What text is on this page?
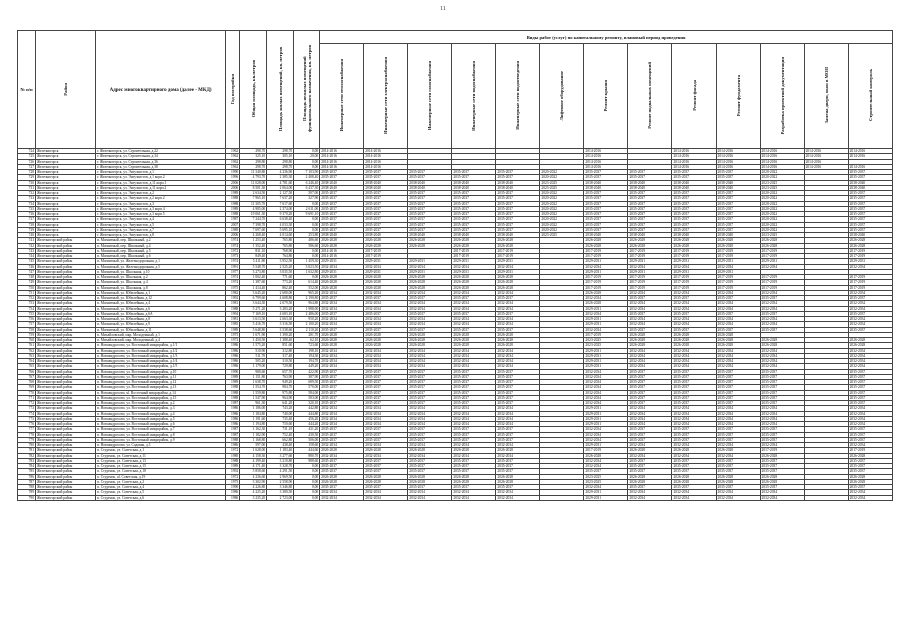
11
№ п/п	Район	Адрес многоквартирного дома (далее - МКД)	Год постройки	Общая площадь, кв.метров	Площадь жилых помещений, кв. метров	Площадь нежилых помещений функционального назначения, кв. метров	Виды работ (услуг) по капитальному ремонту, плановый период проведения												
							Инженерные сети теплоснабжения	Инженерные сети электроснабжения	Инженерные сети газоснабжения	Инженерные сети водоснабжения	Инженерные сети водоотведения	Лифтовое оборудование	Ремонт крыши	Ремонт подвальных помещений	Ремонт фасада	Ремонт фундамента	Разработка проектной документации	Замена двери, окон в МОП	Строительный контроль
724	Железногорск	г. Железногорск, ул. Строительная, д.22	1962	298,70	298,70	0,00	2014-2016	2014-2016					2014-2016		2014-2016	2014-2016	2014-2016	2014-2016	2014-2016
725	Железногорск	г. Железногорск, ул. Строительная, д.34	1962	325,10	305,10	20,00	2014-2016	2014-2016					2014-2016		2014-2016	2014-2016	2014-2016	2014-2016	2014-2016
726	Железногорск	г. Железногорск, ул. Строительная, д.36	1962	298,80	298,80	0,00	2014-2016	2014-2016					2014-2016		2014-2016	2014-2016	2014-2016	2014-2016	
727	Железногорск	г. Железногорск, ул. Строительная, д.38	1962	298,70	298,70	0,00	2014-2016	2014-2016					2014-2016		2014-2016	2014-2016	2014-2016	2014-2016	2014-2016
728	Железногорск	г. Железногорск, ул. Энтузиастов, д.1	1990	11 340,80	4 236,90	7 103,90	2035-2037	2035-2037	2035-2037	2035-2037	2035-2037	2020-2022	2035-2037	2035-2037	2035-2037	2035-2037	2020-2022		2035-2037
729	Железногорск	г. Железногорск, ул. Энтузиастов, д.1 корп.2	1996	4 793,70	2 385,30	2 408,40	2035-2037	2035-2037	2035-2037	2035-2037	2035-2037	2020-2022	2035-2037	2035-2037	2035-2037	2035-2037	2020-2022		2035-2037
730	Железногорск	г. Железногорск, ул. Энтузиастов, д.11 корп.1	2006	11 028,00	4 781,60	6 246,40	2038-2040	2038-2040	2038-2040	2038-2040	2038-2040	2023-2025	2038-2040	2038-2040	2038-2040	2038-2040	2023-2025		2038-2040
731	Железногорск	г. Железногорск, ул. Энтузиастов, д.11 корп.2	2006	8 501,30	2 064,00	6 437,30	2038-2040	2038-2040	2038-2040	2038-2040	2038-2040	2023-2025	2038-2040	2038-2040	2038-2040	2038-2040	2023-2025		2038-2040
732	Железногорск	г. Железногорск, ул. Энтузиастов, д.2	1989	2 634,50	2 127,50	507,00	2035-2037	2035-2037	2035-2037	2035-2037	2035-2037	2020-2022	2035-2037	2035-2037	2035-2037	2035-2037	2020-2022		2035-2037
733	Железногорск	г. Железногорск, ул. Энтузиастов, д.2 корп.2	1988	7 965,10	7 637,20	327,90	2035-2037	2035-2037	2035-2037	2035-2037	2035-2037	2020-2022	2035-2037	2035-2037	2035-2037	2035-2037	2020-2022		2035-2037
734	Железногорск	г. Железногорск, ул. Энтузиастов, д.3	1988	11 305,70	7 617,60	0,00	2035-2037	2035-2037	2035-2037	2035-2037	2035-2037	2020-2022	2035-2037	2035-2037	2035-2037	2035-2037	2020-2022		2035-2037
735	Железногорск	г. Железногорск, ул. Энтузиастов, д.3 корп.4	1989	4 985,00	2 374,00	2 611,00	2035-2037	2035-2037	2035-2037	2035-2037	2035-2037	2020-2022	2035-2037	2035-2037	2035-2037	2035-2037	2020-2022		2035-2037
736	Железногорск	г. Железногорск, ул. Энтузиастов, д.3 корп.5	1988	19 061,30	9 370,20	9 691,10	2035-2037	2035-2037	2035-2037	2035-2037	2035-2037	2020-2022	2035-2037	2035-2037	2035-2037	2035-2037	2020-2022		2035-2037
737	Железногорск	г. Железногорск, ул. Энтузиастов, д.4	1987	7 244,70	6 638,40	0,00	2035-2037	2035-2037	2035-2037	2035-2037	2035-2037	2020-2022	2035-2037	2035-2037	2035-2037	2035-2037	2020-2022		2035-2037
738	Железногорск	г. Железногорск, ул. Энтузиастов, д.5	2007	7 398,70	4 033,30	0,00	2035-2037	2035-2037	2035-2037	2035-2037	2035-2037	2020-2022	2035-2037	2035-2037	2035-2037	2035-2037	2020-2022		2035-2037
739	Железногорск	г. Железногорск, ул. Энтузиастов, д.7	1989	7 697,60	5 695,10	0,00	2035-2037	2035-2037	2035-2037	2035-2037	2035-2037	2020-2022	2035-2037	2035-2037	2035-2037	2035-2037	2020-2022		2035-2037
740	Железногорск	г. Железногорск, ул. Энтузиастов, д.8	2006	4 268,40	4 014,60	253,80	2038-2040	2038-2040	2038-2040	2038-2040	2038-2040	2023-2025	2038-2040	2038-2040	2038-2040	2038-2040	2023-2025		2038-2040
741	Железногорский район	п. Магнитный, пер. Школьный, д.2	1974	1 253,40	765,80	486,60	2026-2028	2026-2028	2026-2028	2026-2028	2026-2028		2026-2028	2026-2028	2026-2028	2026-2028	2026-2028		2026-2028
742	Железногорский район	п. Магнитный, пер. Школьный, д.4	1974	1 352,40	765,80	586,60	2026-2028	2026-2028	2026-2028	2026-2028	2026-2028		2026-2028	2026-2028	2026-2028	2026-2028	2026-2028		2026-2028
743	Железногорский район	п. Магнитный, пер. Школьный, д.5	1972	831,10	768,90	0,00	2014-2016	2017-2019		2017-2019	2017-2019		2017-2019	2017-2019	2017-2019	2017-2019	2017-2019		2017-2019
744	Железногорский район	п. Магнитный, пер. Школьный, д.6	1973	849,40	764,80	0,00	2014-2016	2017-2019		2017-2019	2017-2019		2017-2019	2017-2019	2017-2019	2017-2019	2017-2019		2017-2019
745	Железногорский район	п. Магнитный, ул. Железнодорожная, д.1	1974	5 411,80	3 952,50	1 459,30	2029-2031	2029-2031	2029-2031	2029-2031	2029-2031		2029-2031	2029-2031	2029-2031	2029-2031	2029-2031		2029-2031
746	Железногорский район	п. Магнитный, ул. Железнодорожная, д.5	1991	5 548,70	2 525,20	3 023,50	2032-2034	2032-2034	2032-2034	2032-2034	2032-2034		2032-2034	2032-2034	2032-2034	2032-2034	2032-2034		2032-2034
747	Железногорский район	п. Магнитный, ул. Школьная, д.10	1977	3 273,80	3 035,50	1 632,80	2029-2031	2029-2031	2029-2031	2029-2031	2029-2031		2029-2031	2029-2031	2029-2031	2029-2031			
748	Железногорский район	п. Магнитный, ул. Школьная, д.2	1974	1 002,40	771,60	0,00	2026-2028	2026-2028	2026-2028	2026-2028	2026-2028		2017-2019	2017-2019	2017-2019	2017-2019	2017-2019		2017-2019
749	Железногорский район	п. Магнитный, ул. Школьная, д.4	1974	1 387,60	773,20	614,40	2026-2028	2026-2028	2026-2028	2026-2028	2026-2028		2017-2019	2017-2019	2017-2019	2017-2019	2017-2019		2017-2019
750	Железногорский район	п. Магнитный, ул. Школьная, д.8	1975	1 414,40	862,40	552,00	2026-2028	2026-2028	2026-2028	2026-2028	2026-2028		2017-2019	2017-2019	2017-2019	2017-2019	2017-2019		2017-2019
751	Железногорский район	п. Магнитный, ул. Юбилейная, д.1	1982	3 645,20	2 680,00	965,20	2032-2034	2032-2034	2032-2034	2032-2034	2032-2034		2026-2028	2032-2034	2032-2034	2032-2034	2032-2034		2032-2034
752	Железногорский район	п. Магнитный, ул. Юбилейная, д.12	1992	6 799,60	4 608,80	2 190,80	2035-2037	2035-2037	2035-2037	2035-2037	2035-2037		2032-2034	2035-2037	2035-2037	2035-2037	2035-2037		2035-2037
753	Железногорский район	п. Магнитный, ул. Юбилейная, д.4	1981	3 644,30	2 679,50	964,80	2032-2034	2032-2034	2032-2034	2032-2034	2032-2034		2026-2028	2032-2034	2032-2034	2032-2034	2032-2034		2032-2034
754	Железногорский район	п. Магнитный, ул. Юбилейная, д.6	1988	5 271,20	3 283,20	1 988,00	2032-2034	2032-2034	2032-2034	2032-2034	2032-2034		2029-2031	2032-2034	2032-2034	2032-2034	2032-2034		2032-2034
755	Железногорский район	п. Магнитный, ул. Юбилейная, д.6А	1994	7 169,10	4 683,10	2 486,00	2035-2037	2035-2037	2035-2037	2035-2037	2035-2037		2032-2034	2035-2037	2035-2037	2035-2037	2035-2037		2035-2037
756	Железногорский район	п. Магнитный, ул. Юбилейная, д.8	1981	3 613,50	2 663,30	950,20	2032-2034	2032-2034	2032-2034	2032-2034	2032-2034		2029-2031	2032-2034	2032-2034	2032-2034	2032-2034		2032-2034
757	Железногорский район	п. Магнитный, ул. Юбилейная, д.9	1985	5 416,70	3 316,50	2 100,20	2032-2034	2032-2034	2032-2034	2032-2034	2032-2034		2029-2031	2032-2034	2032-2034	2032-2034	2032-2034		2032-2034
758	Железногорский район	п. Магнитный, ул. Юбилейная, д.11	1989	5 648,80	3 538,60	2 110,20	2035-2037	2035-2037	2035-2037	2035-2037	2035-2037		2032-2034	2035-2037	2035-2037	2035-2037	2035-2037		2035-2037
759	Железногорский район	п. Михайловский, мкр. Молодежный, д.1	1975	1 671,90	1 390,20	281,70	2026-2028	2026-2028	2026-2028	2026-2028	2026-2028		2017-2019	2026-2028	2026-2028	2026-2028			
760	Железногорский район	п. Михайловский, мкр. Молодежный, д.4	1973	1 450,50	1 388,40	62,10	2026-2028	2026-2028	2026-2028	2026-2028	2026-2028		2023-2025	2026-2028	2026-2028	2026-2028	2026-2028		2026-2028
761	Железногорский район	п. Новоандросово, ул. Восточный микрорайон, д.1/1	1986	1 575,20	851,60	723,60	2026-2028	2026-2028	2026-2028	2026-2028	2026-2028		2023-2025	2026-2028	2026-2028	2026-2028	2026-2028		2026-2028
762	Железногорский район	п. Новоандросово, ул. Восточный микрорайон, д.1/2	1986	510,90	312,80	198,10	2032-2034	2032-2034	2032-2034	2032-2034	2032-2034		2029-2031	2032-2034	2032-2034	2032-2034	2032-2034		2032-2034
763	Железногорский район	п. Новоандросово, ул. Восточный микрорайон, д.1/3	1986	511,70	317,40	194,30	2032-2034	2032-2034	2032-2034	2032-2034	2032-2034		2029-2031	2032-2034	2032-2034	2032-2034	2032-2034		2032-2034
764	Железногорский район	п. Новоандросово, ул. Восточный микрорайон, д.1/4	1986	505,20	310,50	194,70	2032-2034	2032-2034	2032-2034	2032-2034	2032-2034		2029-2031	2032-2034	2032-2034	2032-2034	2032-2034		2032-2034
765	Железногорский район	п. Новоандросово, ул. Восточный микрорайон, д.1/5	1986	1 179,00	729,80	449,20	2032-2034	2032-2034	2032-2034	2032-2034	2032-2034		2029-2031	2032-2034	2032-2034	2032-2034	2032-2034		2032-2034
766	Железногорский район	п. Новоандросово, ул. Восточный микрорайон, д.10	1990	980,60	657,70	422,90	2035-2037	2035-2037	2035-2037	2035-2037	2035-2037		2032-2034	2035-2037	2035-2037	2035-2037	2035-2037		2035-2037
767	Железногорский район	п. Новоандросово, ул. Восточный микрорайон, д.11	1989	1 151,80	763,90	387,90	2035-2037	2035-2037	2035-2037	2035-2037	2035-2037		2032-2034	2035-2037	2035-2037	2035-2037	2035-2037		2035-2037
768	Железногорский район	п. Новоандросово, ул. Восточный микрорайон, д.12	1989	1 638,70	949,20	689,50	2035-2037	2035-2037	2035-2037	2035-2037	2035-2037		2032-2034	2035-2037	2035-2037	2035-2037	2035-2037		2035-2037
769	Железногорский район	п. Новоандросово, ул. Восточный микрорайон, д.13	1988	1 554,70	984,70	570,00	2035-2037	2035-2037	2035-2037	2035-2037	2035-2037		2032-2034	2035-2037	2035-2037	2035-2037	2035-2037		2035-2037
770	Железногорский район	п. Новоандросово, ul. Восточный микрорайон, д.14	1988	1 559,80	975,80	584,00	2035-2037	2035-2037	2035-2037	2035-2037	2035-2037		2032-2034	2035-2037	2035-2037	2035-2037	2035-2037		2035-2037
771	Железногорский район	п. Новоандросово, ул. Восточный микрорайон, д.15	1988	1 547,90	964,90	583,00	2035-2037	2035-2037	2035-2037	2035-2037	2035-2037		2032-2034	2035-2037	2035-2037	2035-2037	2035-2037		2035-2037
772	Железногорский район	п. Новоандросово, ул. Восточный микрорайон, д.2	1987	961,30	641,20	320,10	2035-2037	2035-2037	2035-2037	2035-2037	2035-2037		2032-2034	2035-2037	2035-2037	2035-2037	2035-2037		2035-2037
773	Железногорский район	п. Новоандросово, ул. Восточный микрорайон, д.3	1986	1 186,00	743,20	442,80	2032-2034	2032-2034	2032-2034	2032-2034	2032-2034		2029-2031	2032-2034	2032-2034	2032-2034	2032-2034		2032-2034
774	Железногорский район	п. Новоандросово, ул. Восточный микрорайон, д.4	1986	1 184,80	740,00	444,80	2032-2034	2032-2034	2032-2034	2032-2034	2032-2034		2029-2031	2032-2034	2032-2034	2032-2034	2032-2034		2032-2034
775	Железногорский район	п. Новоандросово, ул. Восточный микрорайон, д.5	1986	1 191,60	735,40	456,20	2032-2034	2032-2034	2032-2034	2032-2034	2032-2034		2029-2031	2032-2034	2032-2034	2032-2034	2032-2034		2032-2034
776	Железногорский район	п. Новоандросово, ул. Восточный микрорайон, д.6	1986	1 194,80	750,60	444,20	2032-2034	2032-2034	2032-2034	2032-2034	2032-2034		2029-2031	2032-2034	2032-2034	2032-2034	2032-2034		2032-2034
777	Железногорский район	п. Новоандросово, ул. Восточный микрорайон, д.7	1987	1 162,30	731,10	431,20	2035-2037	2035-2037	2035-2037	2035-2037	2035-2037		2032-2034	2035-2037	2035-2037	2035-2037	2035-2037		2035-2037
778	Железногорский район	п. Новоандросово, ул. Восточный микрорайон, д.8	1987	1 182,90	752,40	430,50	2035-2037	2035-2037	2035-2037	2035-2037	2035-2037		2032-2034	2035-2037	2035-2037	2035-2037	2035-2037		2035-2037
779	Железногорский район	п. Новоандросово, ул. Восточный микрорайон, д.9	1988	1 168,80	662,80	506,00	2035-2037	2035-2037	2035-2037	2035-2037	2035-2037		2032-2034	2035-2037	2035-2037	2035-2037	2035-2037		2035-2037
780	Железногорский район	п. Новоандросово, ул. Садовая, д.3	1986	597,00	438,40	158,60	2032-2034	2032-2034	2032-2034	2032-2034	2032-2034		2029-2031	2032-2034	2032-2034	2032-2034	2032-2034		2032-2034
781	Железногорский район	п. Студенок, ул. Советская, д.1	1972	1 628,00	1 183,40	444,60	2026-2028	2026-2028	2026-2028	2026-2028	2026-2028		2017-2019	2026-2028	2026-2028	2026-2028	2017-2019		2017-2019
782	Железногорский район	п. Студенок, ул. Советская, д.11	1980	4 158,30	3 277,60	880,70	2032-2034	2032-2034	2032-2034	2032-2034	2032-2034		2026-2028	2032-2034	2032-2034	2032-2034	2026-2028		2026-2028
783	Железногорский район	п. Студенок, ул. Советская, д.13	1988	4 199,40	3 210,80	988,60	2035-2037	2035-2037	2035-2037	2035-2037	2035-2037		2032-2034	2035-2037	2035-2037	2035-2037	2035-2037		2035-2037
784	Железногорский район	п. Студенок, ул. Советская, д.15	1989	4 171,40	3 328,70	0,00	2035-2037	2035-2037	2035-2037	2035-2037	2035-2037		2032-2034	2035-2037	2035-2037	2035-2037	2035-2037		2035-2037
785	Железногорский район	п. Студенок, ул. Советская, д.18	1992	5 858,60	4 291,50	0,00	2035-2037	2035-2037	2035-2037	2035-2037	2035-2037		2035-2037	2035-2037	2035-2037	2035-2037	2035-2037		2035-2037
786	Железногорский район	п. Студенок, ul. Советская, д.19	1972	4 236,60	2 969,50	0,00	2026-2028	2026-2028	2026-2028	2026-2028	2026-2028		2023-2025	2026-2028	2026-2028	2026-2028	2026-2028		2026-2028
787	Железногорский район	п. Студенок, ул. Советская, д.2	1975	3 302,90	2 558,90	0,00	2026-2028	2026-2028	2026-2028	2026-2028	2026-2028		2023-2025	2026-2028	2026-2028	2026-2028	2026-2028		2026-2028
788	Железногорский район	п. Студенок, ул. Советская, д.4	1990	4 226,80	3 346,80	0,00	2035-2037	2035-2037	2035-2037	2035-2037	2035-2037		2032-2034	2035-2037	2035-2037	2035-2037	2035-2037		2035-2037
789	Железногорский район	п. Студенок, ул. Советская, д.5	1986	4 225,20	3 380,50	0,00	2032-2034	2032-2034	2032-2034	2032-2034	2032-2034		2029-2031	2032-2034	2032-2034	2032-2034	2032-2034		2032-2034
790	Железногорский район	п. Студенок, ул. Советская, д.6	1986	3 235,20	2 723,00	0,00	2032-2034	2032-2034	2032-2034	2032-2034	2032-2034		2029-2031	2032-2034	2032-2034	2032-2034	2032-2034		2032-2034
